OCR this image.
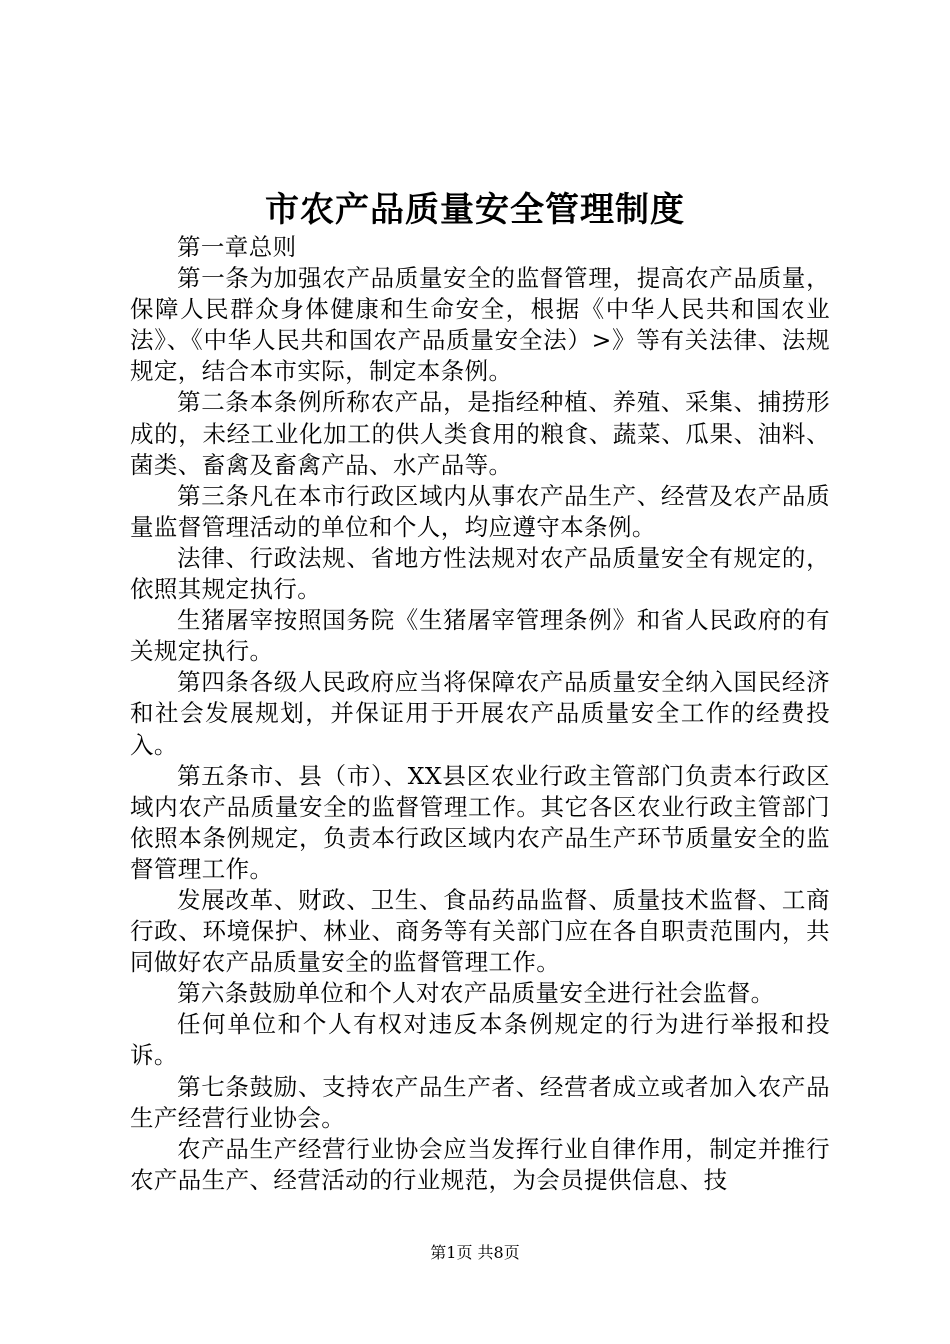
市农产品质量安全管理制度

第一章总则

第一条为加强农产品质量安全的监督管理，提高农产品质量，保障人民群众身体健康和生命安全，根据《中华人民共和国农业法》、《中华人民共和国农产品质量安全法）>》等有关法律、法规规定，结合本市实际，制定本条例。

第二条本条例所称农产品，是指经种植、养殖、采集、捕捞形成的，未经工业化加工的供人类食用的粮食、蔬菜、瓜果、油料、菌类、畜禽及畜禽产品、水产品等。

第三条凡在本市行政区域内从事农产品生产、经营及农产品质量监督管理活动的单位和个人，均应遵守本条例。

法律、行政法规、省地方性法规对农产品质量安全有规定的，依照其规定执行。

生猪屠宰按照国务院《生猪屠宰管理条例》和省人民政府的有关规定执行。

第四条各级人民政府应当将保障农产品质量安全纳入国民经济和社会发展规划，并保证用于开展农产品质量安全工作的经费投入。

第五条市、县（市）、XX县区农业行政主管部门负责本行政区域内农产品质量安全的监督管理工作。其它各区农业行政主管部门依照本条例规定，负责本行政区域内农产品生产环节质量安全的监督管理工作。

发展改革、财政、卫生、食品药品监督、质量技术监督、工商行政、环境保护、林业、商务等有关部门应在各自职责范围内，共同做好农产品质量安全的监督管理工作。

第六条鼓励单位和个人对农产品质量安全进行社会监督。

任何单位和个人有权对违反本条例规定的行为进行举报和投诉。

第七条鼓励、支持农产品生产者、经营者成立或者加入农产品生产经营行业协会。

农产品生产经营行业协会应当发挥行业自律作用，制定并推行农产品生产、经营活动的行业规范，为会员提供信息、技

第1页 共8页
